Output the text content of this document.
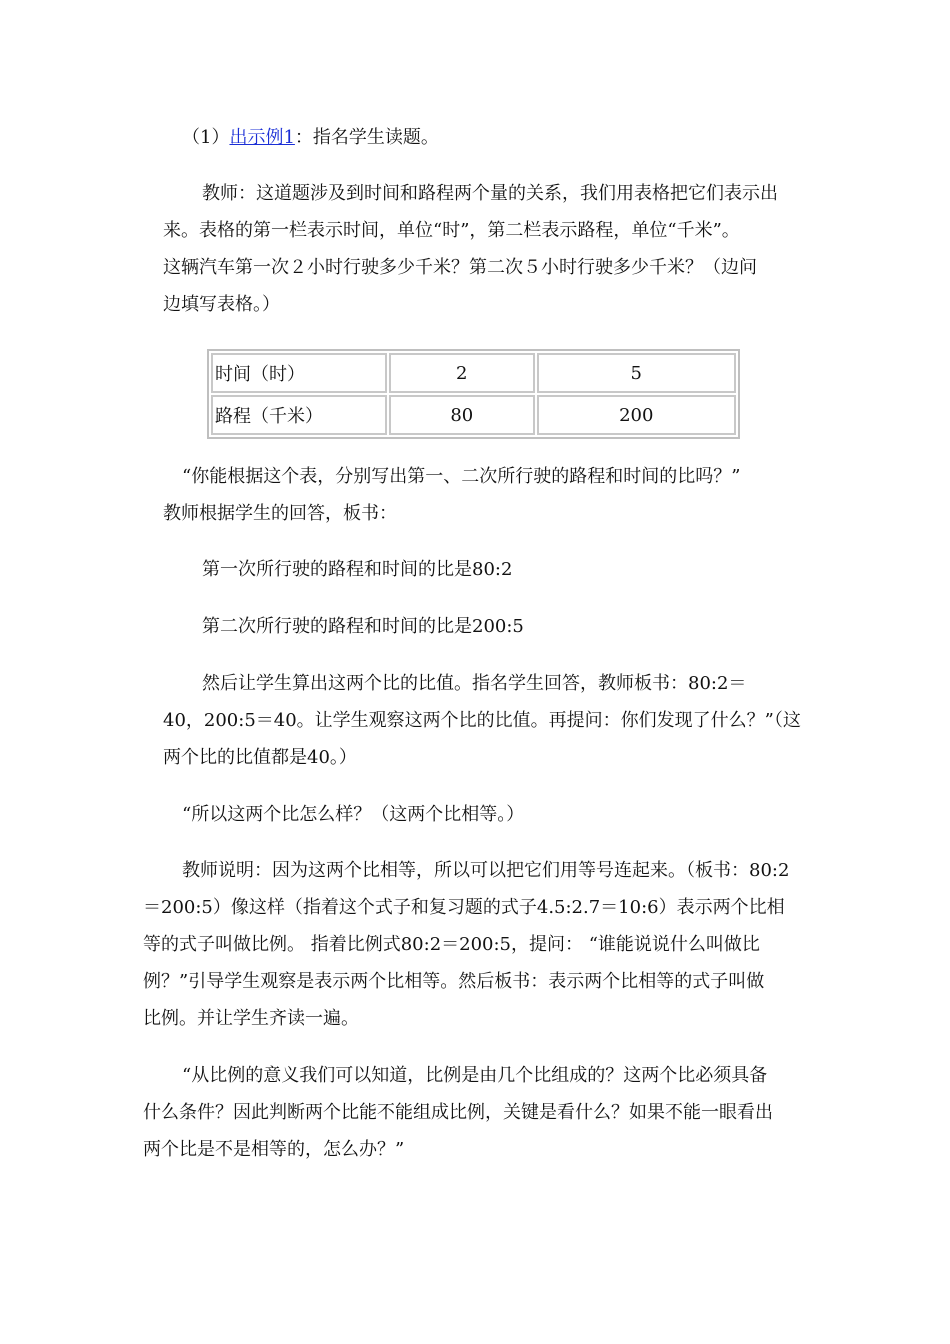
（1）出示例1：指名学生读题。

教师：这道题涉及到时间和路程两个量的关系，我们用表格把它们表示出

来。表格的第一栏表示时间，单位“时”，第二栏表示路程，单位“千米”。

这辆汽车第一次２小时行驶多少千米？第二次５小时行驶多少千米？（边问

边填写表格。）

时间（时）	2	5
路程（千米）	80	200

“你能根据这个表，分别写出第一、二次所行驶的路程和时间的比吗？”

教师根据学生的回答，板书：

第一次所行驶的路程和时间的比是80:2

第二次所行驶的路程和时间的比是200:5

然后让学生算出这两个比的比值。指名学生回答，教师板书：80:2＝

40，200:5＝40。让学生观察这两个比的比值。再提问：你们发现了什么？”（这

两个比的比值都是40。）

“所以这两个比怎么样？（这两个比相等。）

教师说明：因为这两个比相等，所以可以把它们用等号连起来。（板书：80:2

＝200:5）像这样（指着这个式子和复习题的式子4.5:2.7＝10:6）表示两个比相

等的式子叫做比例。 指着比例式80:2＝200:5，提问： “谁能说说什么叫做比

例？”引导学生观察是表示两个比相等。然后板书：表示两个比相等的式子叫做

比例。并让学生齐读一遍。

“从比例的意义我们可以知道，比例是由几个比组成的？这两个比必须具备

什么条件？因此判断两个比能不能组成比例，关键是看什么？如果不能一眼看出

两个比是不是相等的，怎么办？”
